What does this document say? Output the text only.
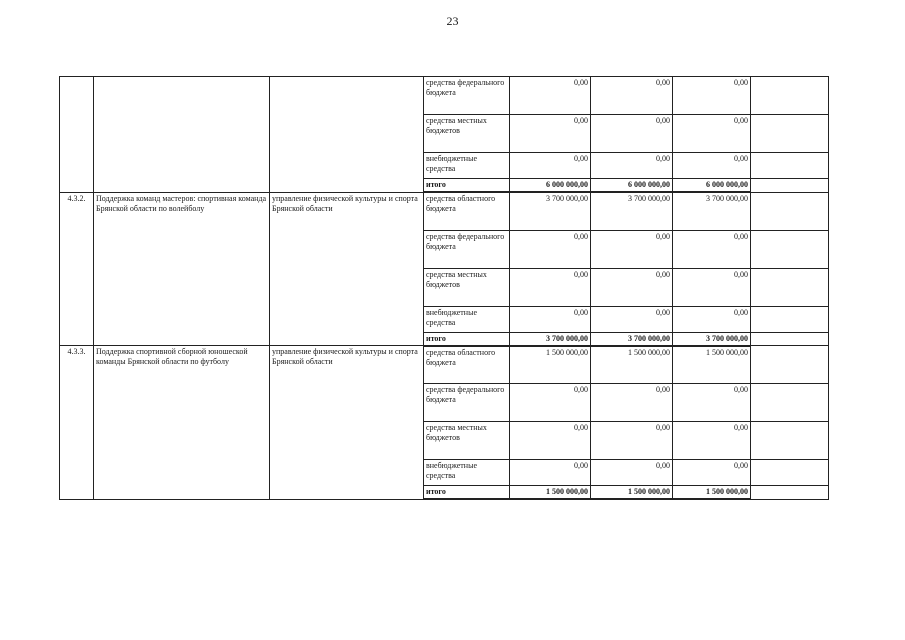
23
			средства федерального бюджета	0,00	0,00	0,00	
			средства местных бюджетов	0,00	0,00	0,00	
			внебюджетные средства	0,00	0,00	0,00	
			итого	6 000 000,00	6 000 000,00	6 000 000,00	
4.3.2.	Поддержка команд мастеров: спортивная команда Брянской области по волейболу	управление физической культуры и спорта Брянской области	средства областного бюджета	3 700 000,00	3 700 000,00	3 700 000,00	
			средства федерального бюджета	0,00	0,00	0,00	
			средства местных бюджетов	0,00	0,00	0,00	
			внебюджетные средства	0,00	0,00	0,00	
			итого	3 700 000,00	3 700 000,00	3 700 000,00	
4.3.3.	Поддержка спортивной сборной юношеской команды Брянской области по футболу	управление физической культуры и спорта Брянской области	средства областного бюджета	1 500 000,00	1 500 000,00	1 500 000,00	
			средства федерального бюджета	0,00	0,00	0,00	
			средства местных бюджетов	0,00	0,00	0,00	
			внебюджетные средства	0,00	0,00	0,00	
			итого	1 500 000,00	1 500 000,00	1 500 000,00	
